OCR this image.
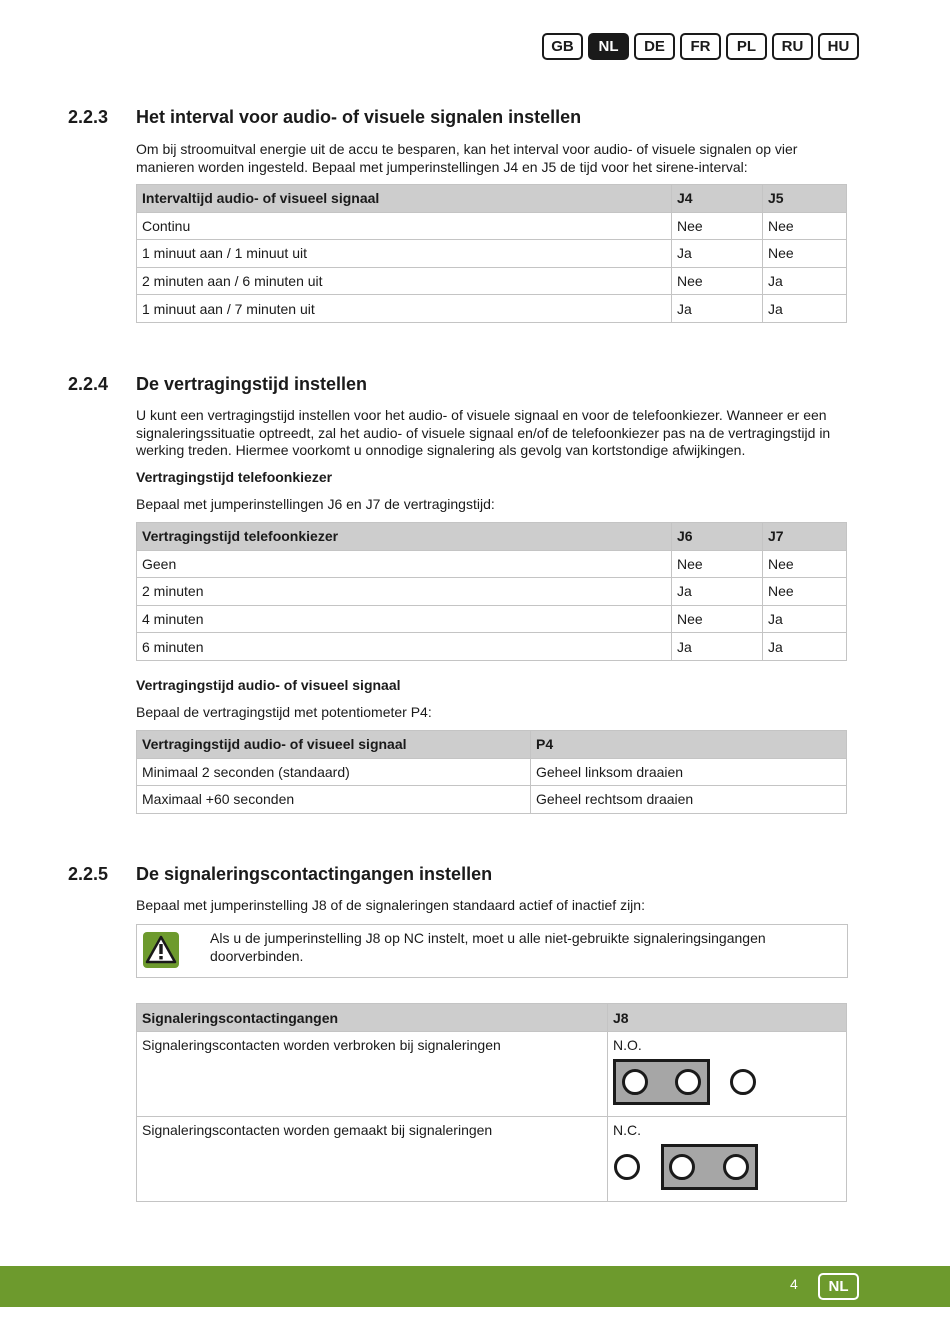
GB	NL	DE	FR	PL	RU	HU
2.2.3 Het interval voor audio- of visuele signalen instellen

Om bij stroomuitval energie uit de accu te besparen, kan het interval voor audio- of visuele signalen op vier manieren worden ingesteld. Bepaal met jumperinstellingen J4 en J5 de tijd voor het sirene-interval:

Intervaltijd audio- of visueel signaal	J4	J5
Continu	Nee	Nee
1 minuut aan / 1 minuut uit	Ja	Nee
2 minuten aan / 6 minuten uit	Nee	Ja
1 minuut aan / 7 minuten uit	Ja	Ja
2.2.4 De vertragingstijd instellen

U kunt een vertragingstijd instellen voor het audio- of visuele signaal en voor de telefoonkiezer. Wanneer er een signaleringssituatie optreedt, zal het audio- of visuele signaal en/of de telefoonkiezer pas na de vertragingstijd in werking treden. Hiermee voorkomt u onnodige signalering als gevolg van kortstondige afwijkingen.

Vertragingstijd telefoonkiezer

Bepaal met jumperinstellingen J6 en J7 de vertragingstijd:

Vertragingstijd telefoonkiezer	J6	J7
Geen	Nee	Nee
2 minuten	Ja	Nee
4 minuten	Nee	Ja
6 minuten	Ja	Ja

Vertragingstijd audio- of visueel signaal

Bepaal de vertragingstijd met potentiometer P4:

Vertragingstijd audio- of visueel signaal	P4
Minimaal 2 seconden (standaard)	Geheel linksom draaien
Maximaal +60 seconden	Geheel rechtsom draaien
2.2.5 De signaleringscontactingangen instellen

Bepaal met jumperinstelling J8 of de signaleringen standaard actief of inactief zijn:

Als u de jumperinstelling J8 op NC instelt, moet u alle niet-gebruikte signaleringsingangen doorverbinden.

Signaleringscontactingangen	J8
Signaleringscontacten worden verbroken bij signaleringen	N.O.

Signaleringscontacten worden gemaakt bij signaleringen	N.C.
4	NL
